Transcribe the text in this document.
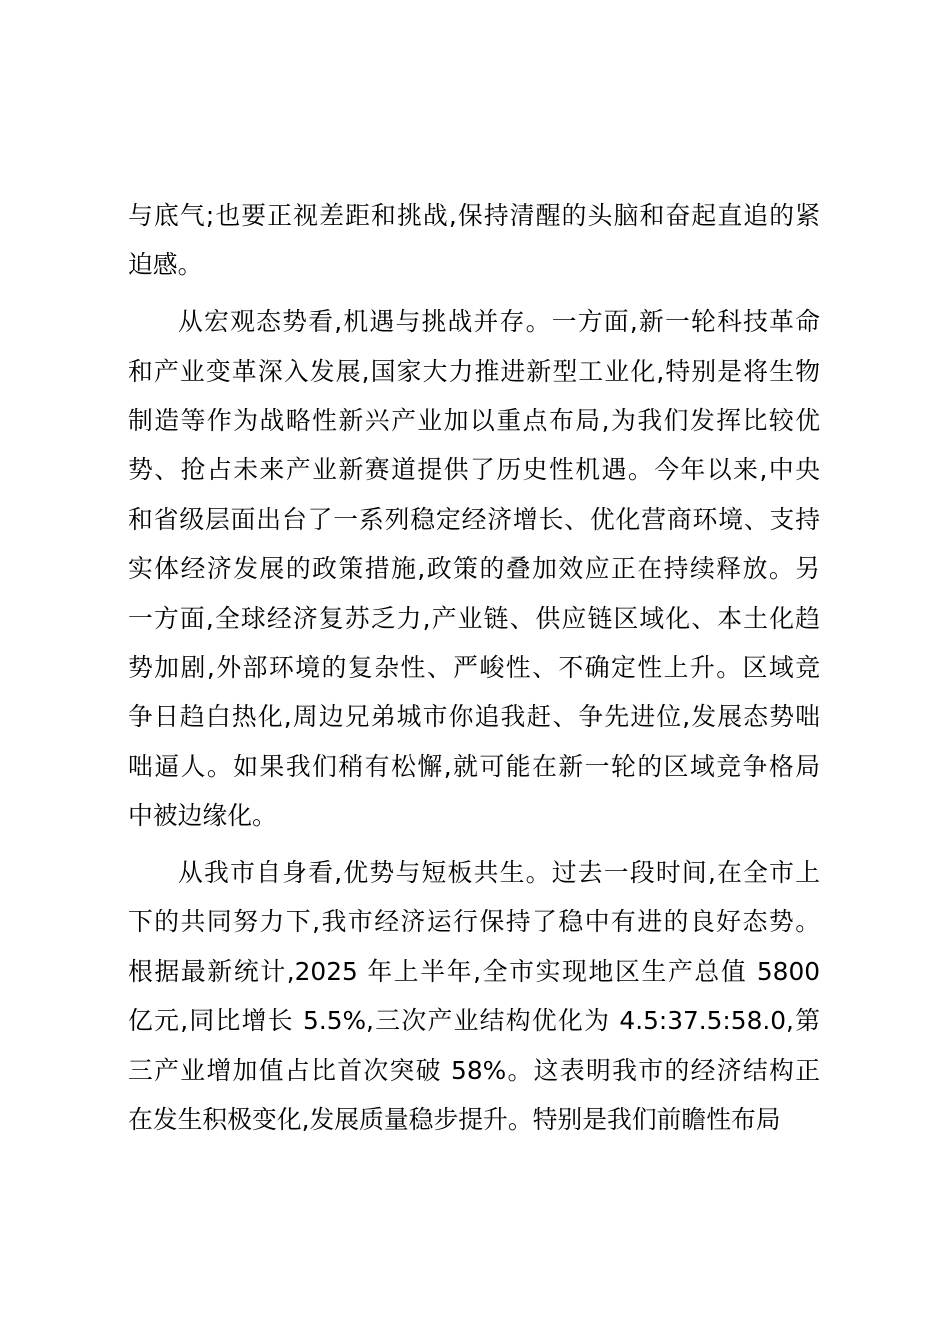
与底气;也要正视差距和挑战,保持清醒的头脑和奋起直追的紧
迫感。
从宏观态势看,机遇与挑战并存。一方面,新一轮科技革命
和产业变革深入发展,国家大力推进新型工业化,特别是将生物
制造等作为战略性新兴产业加以重点布局,为我们发挥比较优
势、抢占未来产业新赛道提供了历史性机遇。今年以来,中央
和省级层面出台了一系列稳定经济增长、优化营商环境、支持
实体经济发展的政策措施,政策的叠加效应正在持续释放。另
一方面,全球经济复苏乏力,产业链、供应链区域化、本土化趋
势加剧,外部环境的复杂性、严峻性、不确定性上升。区域竞
争日趋白热化,周边兄弟城市你追我赶、争先进位,发展态势咄
咄逼人。如果我们稍有松懈,就可能在新一轮的区域竞争格局
中被边缘化。
从我市自身看,优势与短板共生。过去一段时间,在全市上
下的共同努力下,我市经济运行保持了稳中有进的良好态势。
根据最新统计,2025 年上半年,全市实现地区生产总值 5800
亿元,同比增长 5.5%,三次产业结构优化为 4.5:37.5:58.0,第
三产业增加值占比首次突破 58%。这表明我市的经济结构正
在发生积极变化,发展质量稳步提升。特别是我们前瞻性布局
